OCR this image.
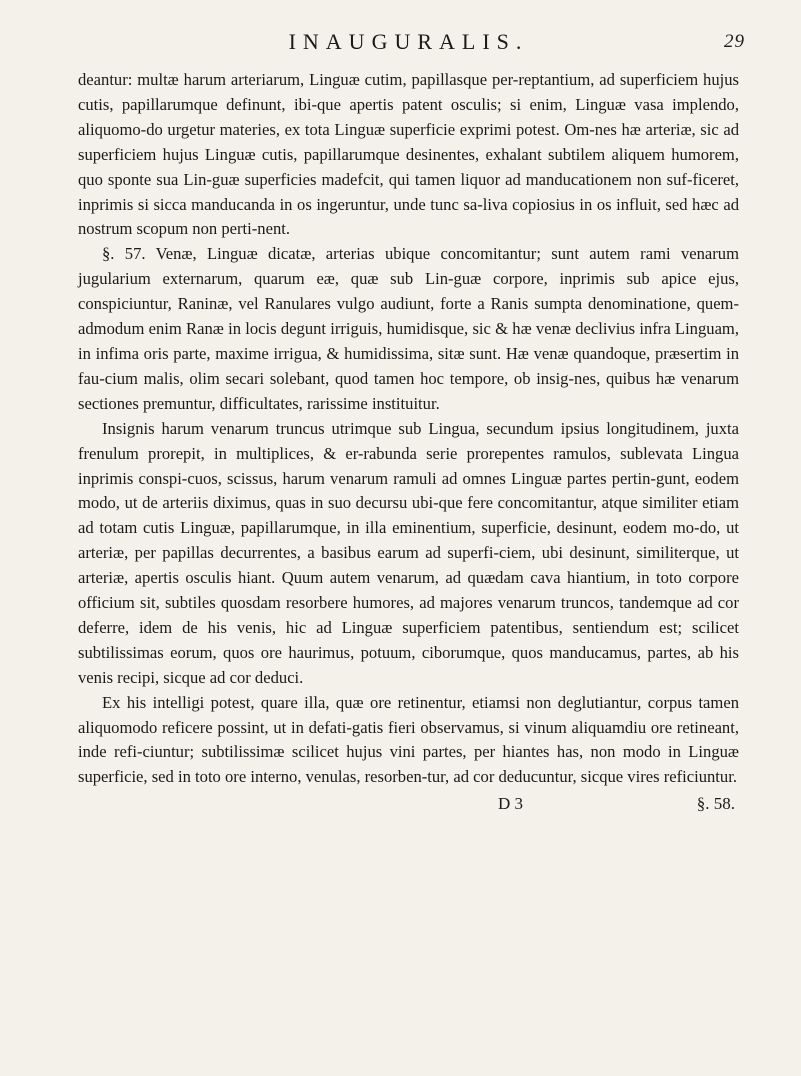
INAUGURALIS.	29

deantur: multæ harum arteriarum, Linguæ cutim, papillasque per-reptantium, ad superficiem hujus cutis, papillarumque definunt, ibi-que apertis patent osculis; si enim, Linguæ vasa implendo, aliquomo-do urgetur materies, ex tota Linguæ superficie exprimi potest. Om-nes hæ arteriæ, sic ad superficiem hujus Linguæ cutis, papillarumque desinentes, exhalant subtilem aliquem humorem, quo sponte sua Lin-guæ superficies madefcit, qui tamen liquor ad manducationem non suf-ficeret, inprimis si sicca manducanda in os ingeruntur, unde tunc sa-liva copiosius in os influit, sed hæc ad nostrum scopum non perti-nent.

§. 57. Venæ, Linguæ dicatæ, arterias ubique concomitantur; sunt autem rami venarum jugularium externarum, quarum eæ, quæ sub Lin-guæ corpore, inprimis sub apice ejus, conspiciuntur, Raninæ, vel Ranulares vulgo audiunt, forte a Ranis sumpta denominatione, quem-admodum enim Ranæ in locis degunt irriguis, humidisque, sic & hæ venæ declivius infra Linguam, in infima oris parte, maxime irrigua, & humidissima, sitæ sunt. Hæ venæ quandoque, præsertim in fau-cium malis, olim secari solebant, quod tamen hoc tempore, ob insig-nes, quibus hæ venarum sectiones premuntur, difficultates, rarissime instituitur.

Insignis harum venarum truncus utrimque sub Lingua, secundum ipsius longitudinem, juxta frenulum prorepit, in multiplices, & er-rabunda serie prorepentes ramulos, sublevata Lingua inprimis conspi-cuos, scissus, harum venarum ramuli ad omnes Linguæ partes pertin-gunt, eodem modo, ut de arteriis diximus, quas in suo decursu ubi-que fere concomitantur, atque similiter etiam ad totam cutis Linguæ, papillarumque, in illa eminentium, superficie, desinunt, eodem mo-do, ut arteriæ, per papillas decurrentes, a basibus earum ad superfi-ciem, ubi desinunt, similiterque, ut arteriæ, apertis osculis hiant. Quum autem venarum, ad quædam cava hiantium, in toto corpore officium sit, subtiles quosdam resorbere humores, ad majores venarum truncos, tandemque ad cor deferre, idem de his venis, hic ad Linguæ superficiem patentibus, sentiendum est; scilicet subtilissimas eorum, quos ore haurimus, potuum, ciborumque, quos manducamus, partes, ab his venis recipi, sicque ad cor deduci.

Ex his intelligi potest, quare illa, quæ ore retinentur, etiamsi non deglutiantur, corpus tamen aliquomodo reficere possint, ut in defati-gatis fieri observamus, si vinum aliquamdiu ore retineant, inde refi-ciuntur; subtilissimæ scilicet hujus vini partes, per hiantes has, non modo in Linguæ superficie, sed in toto ore interno, venulas, resorben-tur, ad cor deducuntur, sicque vires reficiuntur.

D 3	§. 58.
